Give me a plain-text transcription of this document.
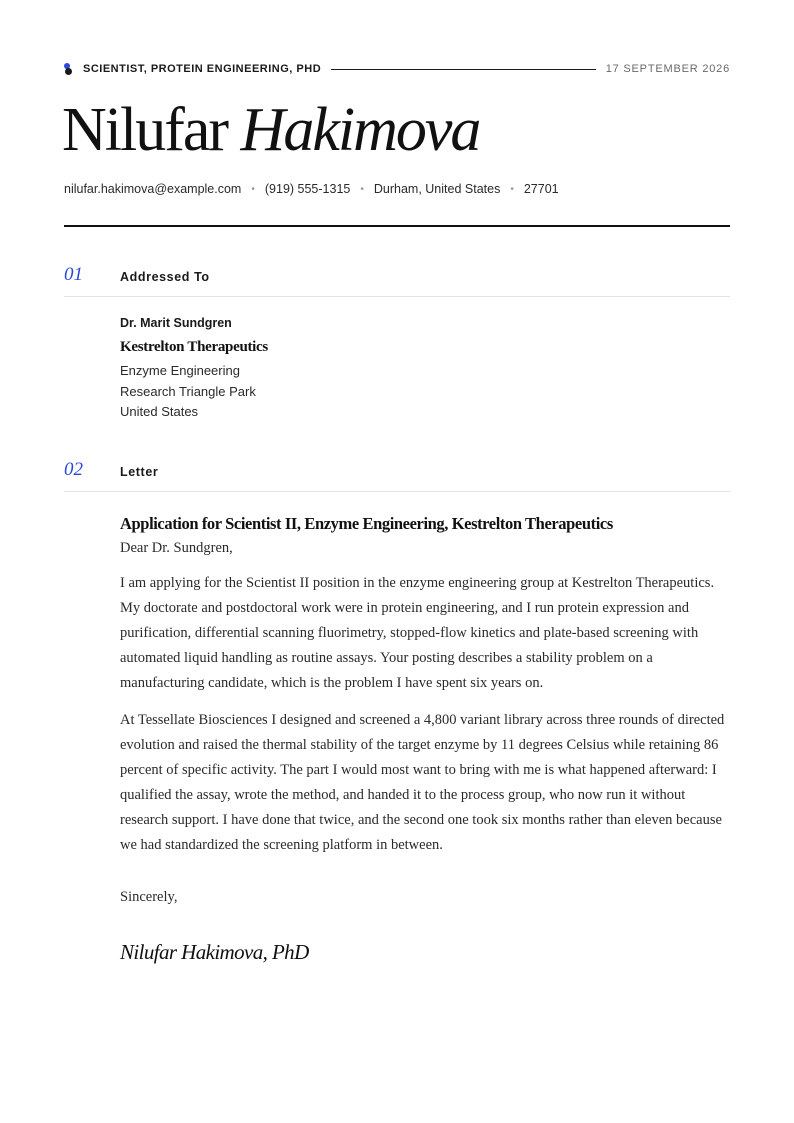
SCIENTIST, PROTEIN ENGINEERING, PHD	17 SEPTEMBER 2026
Nilufar Hakimova
nilufar.hakimova@example.com • (919) 555-1315 • Durham, United States • 27701
01	Addressed To
Dr. Marit Sundgren
Kestrelton Therapeutics
Enzyme Engineering
Research Triangle Park
United States
02	Letter
Application for Scientist II, Enzyme Engineering, Kestrelton Therapeutics
Dear Dr. Sundgren,

I am applying for the Scientist II position in the enzyme engineering group at Kestrelton Therapeutics. My doctorate and postdoctoral work were in protein engineering, and I run protein expression and purification, differential scanning fluorimetry, stopped-flow kinetics and plate-based screening with automated liquid handling as routine assays. Your posting describes a stability problem on a manufacturing candidate, which is the problem I have spent six years on.

At Tessellate Biosciences I designed and screened a 4,800 variant library across three rounds of directed evolution and raised the thermal stability of the target enzyme by 11 degrees Celsius while retaining 86 percent of specific activity. The part I would most want to bring with me is what happened afterward: I qualified the assay, wrote the method, and handed it to the process group, who now run it without research support. I have done that twice, and the second one took six months rather than eleven because we had standardized the screening platform in between.

Sincerely,
Nilufar Hakimova, PhD
